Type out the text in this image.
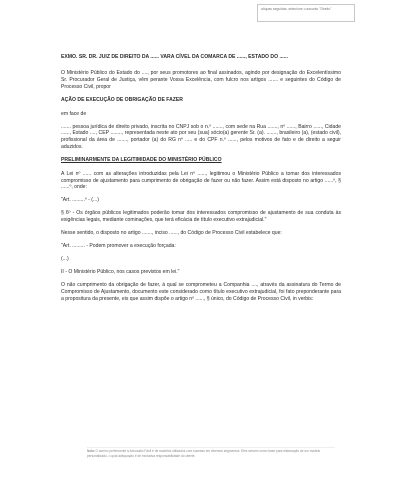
alíquas seguidas, selecione o assunto "Direito"

EXMO. SR. DR. JUIZ DE DIREITO DA ...... VARA CÍVEL DA COMARCA DE ......, ESTADO DO ......

O Ministério Público do Estado do ...., por seus promotores ao final assinados, agindo por designação do Excelentíssimo Sr. Procurador Geral de Justiça, vêm perante Vossa Excelência, com fulcro nos artigos ....... e seguintes do Código de Processo Civil, propor

AÇÃO DE EXECUÇÃO DE OBRIGAÇÃO DE FAZER

em face de

....... pessoa jurídica de direito privado, inscrita no CNPJ sob o n.º ......., com sede na Rua ......., nº ......, Bairro ......, Cidade ......, Estado ...., CEP ........, representada neste ato por seu (sua) sócio(a) gerente Sr. (a). ......., brasileiro (a), (estado civil), profissional da área de ......., portador (a) do RG nº ..... e do CPF n.º ......, pelos motivos de fato e de direito a seguir aduzidos.

PRELIMINARMENTE DA LEGITIMIDADE DO MINISTÉRIO PÚBLICO

A Lei nº ...... com as alterações introduzidas pela Lei nº ......, legitimou o Ministério Público a tomar dos interessados compromisso de ajustamento para cumprimento de obrigação de fazer ou não fazer. Assim está disposto no artigo ......º, § ......º, onde:

"Art. .........º - (...)

§ 6º - Os órgãos públicos legitimados poderão tomar dos interessados compromisso de ajustamento de sua conduta às exigências legais, mediante cominações, que terá eficácia de título executivo extrajudicial."

Nesse sentido, o disposto no artigo ......., inciso ......, do Código de Processo Civil estabelece que:

"Art. ......... - Podem promover a execução forçada:

(...)

II - O Ministério Público, nos casos previstos em lei."

O não cumprimento da obrigação de fazer, à qual se comprometeu a Companhia ...., através da assinatura do Termo de Compromisso de Ajustamento, documento este considerado como título executivo extrajudicial, foi fato preponderante para a propositura da presente, eis que assim dispõe o artigo nº ......, § único, do Código de Processo Civil, in verbis:

Nota: O acervo pertencente à Advocatio Fácil é de modelos utilizados com sucesso em diversos segmentos. Eles servem como base para elaboração de um modelo personalizado, o qual adequação é de exclusiva responsabilidade do cliente.
